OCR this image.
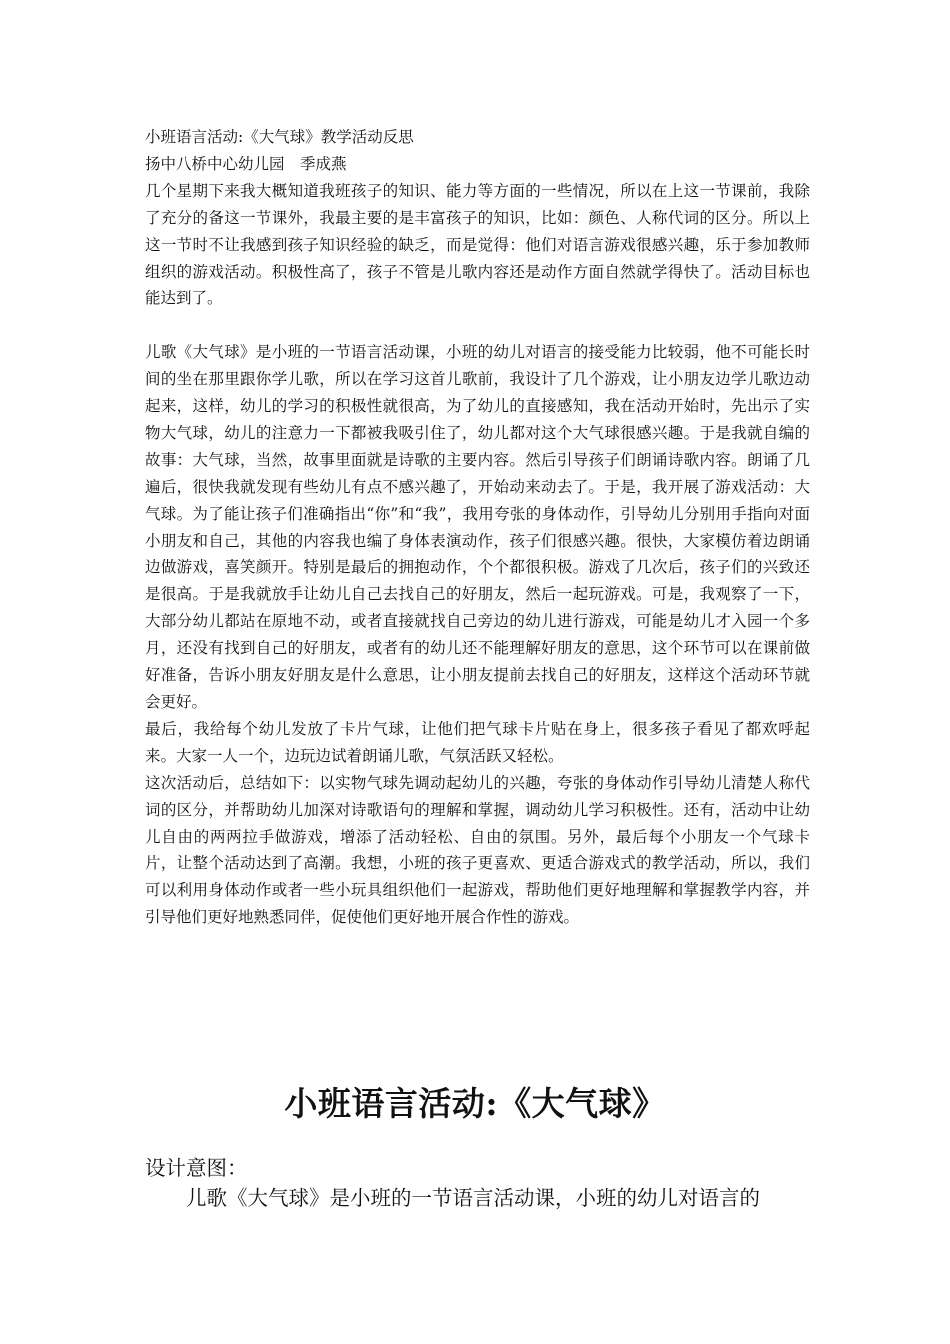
小班语言活动:《大气球》教学活动反思

扬中八桥中心幼儿园　季成燕

几个星期下来我大概知道我班孩子的知识、能力等方面的一些情况，所以在上这一节课前，我除了充分的备这一节课外，我最主要的是丰富孩子的知识，比如：颜色、人称代词的区分。所以上这一节时不让我感到孩子知识经验的缺乏，而是觉得：他们对语言游戏很感兴趣，乐于参加教师组织的游戏活动。积极性高了，孩子不管是儿歌内容还是动作方面自然就学得快了。活动目标也能达到了。

儿歌《大气球》是小班的一节语言活动课，小班的幼儿对语言的接受能力比较弱，他不可能长时间的坐在那里跟你学儿歌，所以在学习这首儿歌前，我设计了几个游戏，让小朋友边学儿歌边动起来，这样，幼儿的学习的积极性就很高，为了幼儿的直接感知，我在活动开始时，先出示了实物大气球，幼儿的注意力一下都被我吸引住了，幼儿都对这个大气球很感兴趣。于是我就自编的故事：大气球，当然，故事里面就是诗歌的主要内容。然后引导孩子们朗诵诗歌内容。朗诵了几遍后，很快我就发现有些幼儿有点不感兴趣了，开始动来动去了。于是，我开展了游戏活动：大气球。为了能让孩子们准确指出“你”和“我”，我用夸张的身体动作，引导幼儿分别用手指向对面小朋友和自己，其他的内容我也编了身体表演动作，孩子们很感兴趣。很快，大家模仿着边朗诵边做游戏，喜笑颜开。特别是最后的拥抱动作，个个都很积极。游戏了几次后，孩子们的兴致还是很高。于是我就放手让幼儿自己去找自己的好朋友，然后一起玩游戏。可是，我观察了一下，大部分幼儿都站在原地不动，或者直接就找自己旁边的幼儿进行游戏，可能是幼儿才入园一个多月，还没有找到自己的好朋友，或者有的幼儿还不能理解好朋友的意思，这个环节可以在课前做好准备，告诉小朋友好朋友是什么意思，让小朋友提前去找自己的好朋友，这样这个活动环节就会更好。

最后，我给每个幼儿发放了卡片气球，让他们把气球卡片贴在身上，很多孩子看见了都欢呼起来。大家一人一个，边玩边试着朗诵儿歌，气氛活跃又轻松。

这次活动后，总结如下：以实物气球先调动起幼儿的兴趣，夸张的身体动作引导幼儿清楚人称代词的区分，并帮助幼儿加深对诗歌语句的理解和掌握，调动幼儿学习积极性。还有，活动中让幼儿自由的两两拉手做游戏，增添了活动轻松、自由的氛围。另外，最后每个小朋友一个气球卡片，让整个活动达到了高潮。我想，小班的孩子更喜欢、更适合游戏式的教学活动，所以，我们可以利用身体动作或者一些小玩具组织他们一起游戏，帮助他们更好地理解和掌握教学内容，并引导他们更好地熟悉同伴，促使他们更好地开展合作性的游戏。

小班语言活动:《大气球》
设计意图：
儿歌《大气球》是小班的一节语言活动课，小班的幼儿对语言的
